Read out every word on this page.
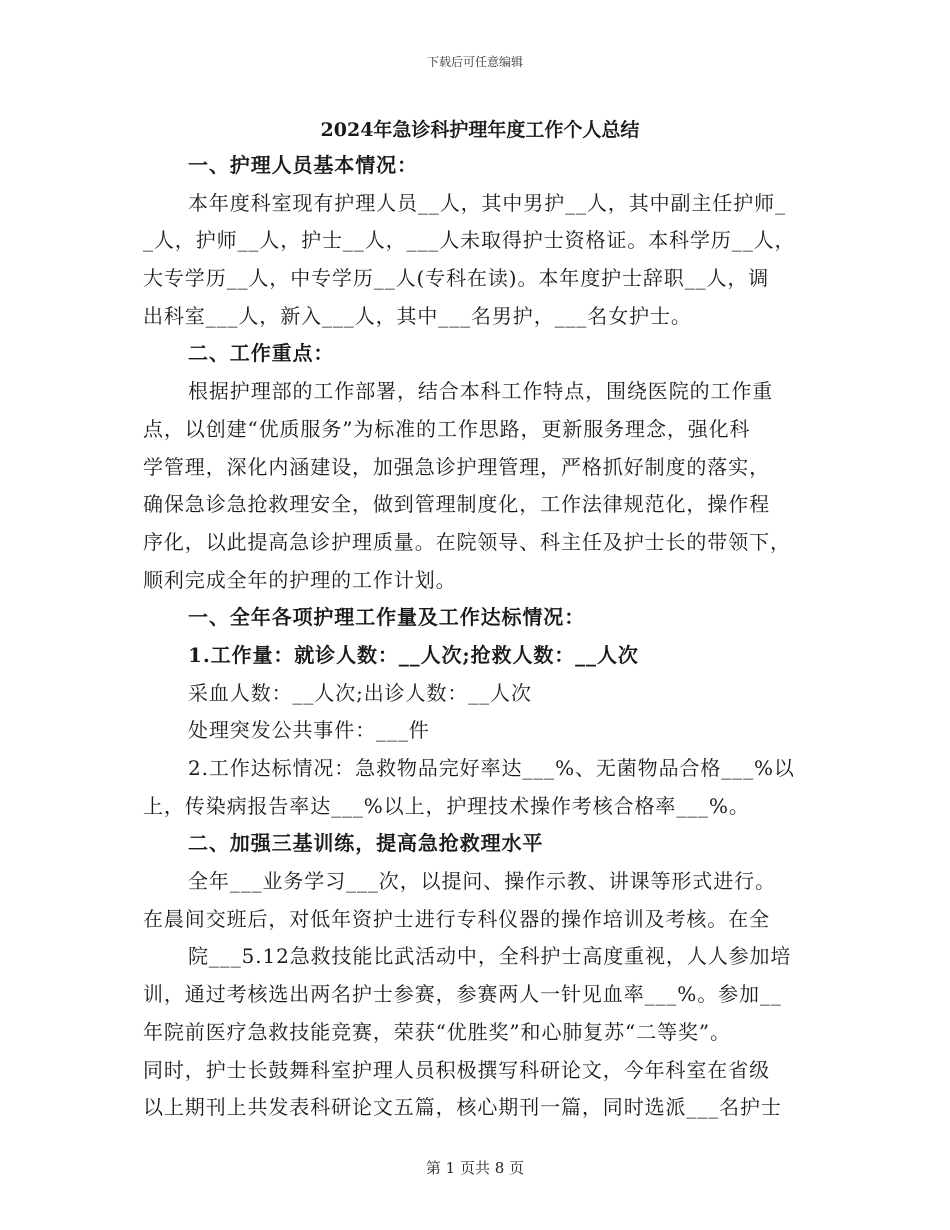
下载后可任意编辑
2024年急诊科护理年度工作个人总结
一、护理人员基本情况：
本年度科室现有护理人员__人，其中男护__人，其中副主任护师_
_人，护师__人，护士__人，___人未取得护士资格证。本科学历__人，
大专学历__人，中专学历__人(专科在读)。本年度护士辞职__人，调
出科室___人，新入___人，其中___名男护，___名女护士。
二、工作重点：
根据护理部的工作部署，结合本科工作特点，围绕医院的工作重
点，以创建“优质服务”为标准的工作思路，更新服务理念，强化科
学管理，深化内涵建设，加强急诊护理管理，严格抓好制度的落实，
确保急诊急抢救理安全，做到管理制度化，工作法律规范化，操作程
序化，以此提高急诊护理质量。在院领导、科主任及护士长的带领下，
顺利完成全年的护理的工作计划。
一、全年各项护理工作量及工作达标情况：
1.工作量：就诊人数：__人次;抢救人数：__人次
采血人数：__人次;出诊人数：__人次
处理突发公共事件：___件
2.工作达标情况：急救物品完好率达___%、无菌物品合格___%以
上，传染病报告率达___%以上，护理技术操作考核合格率___%。
二、加强三基训练，提高急抢救理水平
全年___业务学习___次，以提问、操作示教、讲课等形式进行。
在晨间交班后，对低年资护士进行专科仪器的操作培训及考核。在全
院___5.12急救技能比武活动中，全科护士高度重视，人人参加培
训，通过考核选出两名护士参赛，参赛两人一针见血率___%。参加__
年院前医疗急救技能竞赛，荣获“优胜奖”和心肺复苏“二等奖”。
同时，护士长鼓舞科室护理人员积极撰写科研论文，今年科室在省级
以上期刊上共发表科研论文五篇，核心期刊一篇，同时选派___名护士
第 1 页共 8 页
